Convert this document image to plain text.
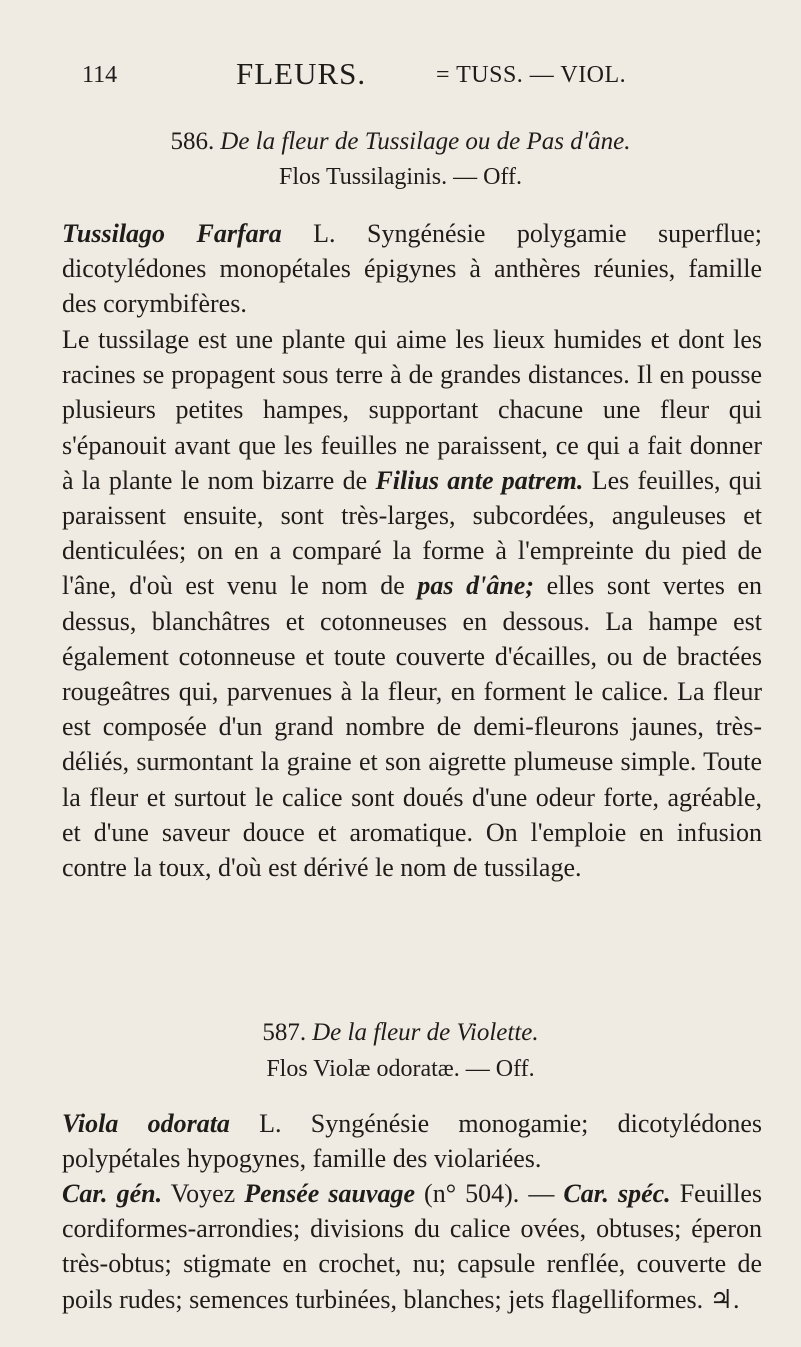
114	FLEURS.	= TUSS. — VIOL.
586. De la fleur de Tussilage ou de Pas d'âne.
Flos Tussilaginis. — Off.

Tussilago Farfara L. Syngénésie polygamie superflue; dicotylédones monopétales épigynes à anthères réunies, famille des corymbifères.

Le tussilage est une plante qui aime les lieux humides et dont les racines se propagent sous terre à de grandes distances. Il en pousse plusieurs petites hampes, supportant chacune une fleur qui s'épanouit avant que les feuilles ne paraissent, ce qui a fait donner à la plante le nom bizarre de Filius ante patrem. Les feuilles, qui paraissent ensuite, sont très-larges, subcordées, anguleuses et denticulées; on en a comparé la forme à l'empreinte du pied de l'âne, d'où est venu le nom de pas d'âne; elles sont vertes en dessus, blanchâtres et cotonneuses en dessous. La hampe est également cotonneuse et toute couverte d'écailles, ou de bractées rougeâtres qui, parvenues à la fleur, en forment le calice. La fleur est composée d'un grand nombre de demi-fleurons jaunes, très-déliés, surmontant la graine et son aigrette plumeuse simple. Toute la fleur et surtout le calice sont doués d'une odeur forte, agréable, et d'une saveur douce et aromatique. On l'emploie en infusion contre la toux, d'où est dérivé le nom de tussilage.

587. De la fleur de Violette.
Flos Violæ odoratæ. — Off.

Viola odorata L. Syngénésie monogamie; dicotylédones polypétales hypogynes, famille des violariées.

Car. gén. Voyez Pensée sauvage (n° 504). — Car. spéc. Feuilles cordiformes-arrondies; divisions du calice ovées, obtuses; éperon très-obtus; stigmate en crochet, nu; capsule renflée, couverte de poils rudes; semences turbinées, blanches; jets flagelliformes. ♃.
